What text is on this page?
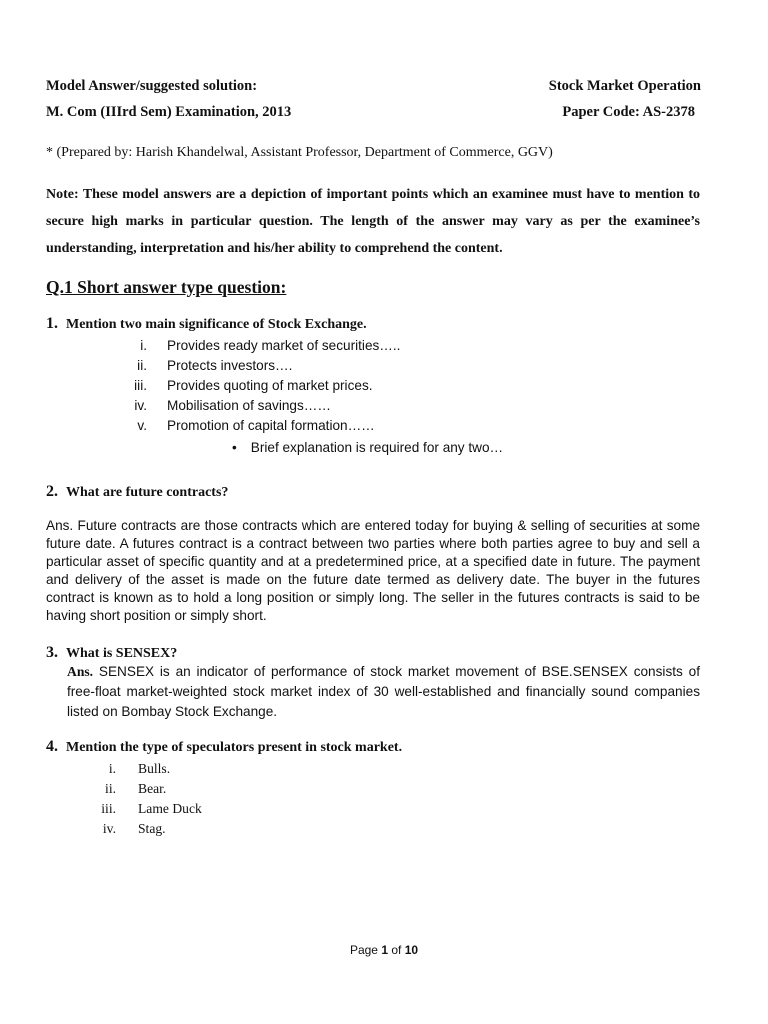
Model Answer/suggested solution:	Stock Market Operation
M. Com (IIIrd Sem) Examination, 2013	Paper Code: AS-2378
* (Prepared by: Harish Khandelwal, Assistant Professor, Department of Commerce, GGV)
Note: These model answers are a depiction of important points which an examinee must have to mention to secure high marks in particular question. The length of the answer may vary as per the examinee’s understanding, interpretation and his/her ability to comprehend the content.
Q.1 Short answer type question:
1. Mention two main significance of Stock Exchange.
i. Provides ready market of securities…..
ii. Protects investors….
iii. Provides quoting of market prices.
iv. Mobilisation of savings……
v. Promotion of capital formation……
• Brief explanation is required for any two…
2. What are future contracts?
Ans. Future contracts are those contracts which are entered today for buying & selling of securities at some future date. A futures contract is a contract between two parties where both parties agree to buy and sell a particular asset of specific quantity and at a predetermined price, at a specified date in future. The payment and delivery of the asset is made on the future date termed as delivery date. The buyer in the futures contract is known as to hold a long position or simply long. The seller in the futures contracts is said to be having short position or simply short.
3. What is SENSEX?
Ans. SENSEX is an indicator of performance of stock market movement of BSE.SENSEX consists of free-float market-weighted stock market index of 30 well-established and financially sound companies listed on Bombay Stock Exchange.
4. Mention the type of speculators present in stock market.
i. Bulls.
ii. Bear.
iii. Lame Duck
iv. Stag.
Page 1 of 10
